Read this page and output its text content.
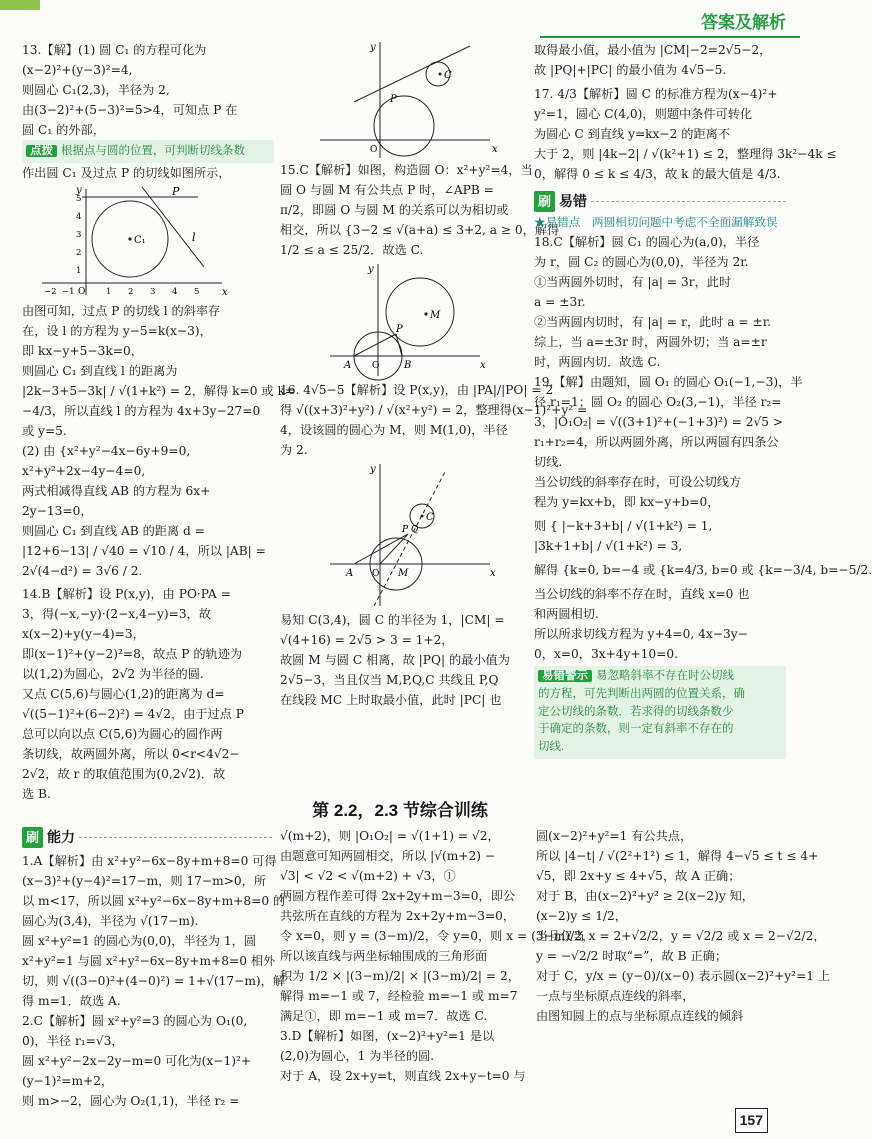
答案及解析

13.【解】(1) 圆 C₁ 的方程可化为

(x−2)²+(y−3)²=4,

则圆心 C₁(2,3)，半径为 2,

由(3−2)²+(5−3)²=5>4，可知点 P 在

圆 C₁ 的外部，

点拨 根据点与圆的位置，可判断切线条数

作出圆 C₁ 及过点 P 的切线如图所示，

C₁
P
l
y
x
O
−2 −1	1 2 3 4 5
5
4
3
2
1

由图可知，过点 P 的切线 l 的斜率存

在，设 l 的方程为 y−5=k(x−3)，

即 kx−y+5−3k=0，

则圆心 C₁ 到直线 l 的距离为

|2k−3+5−3k| / √(1+k²) = 2，解得 k=0 或 k=

−4/3，所以直线 l 的方程为 4x+3y−27=0

或 y=5.

(2) 由 {x²+y²−4x−6y+9=0,

x²+y²+2x−4y−4=0,

两式相减得直线 AB 的方程为 6x+

2y−13=0，

则圆心 C₁ 到直线 AB 的距离 d =

|12+6−13| / √40 = √10 / 4，所以 |AB| =

2√(4−d²) = 3√6 / 2.

14.B【解析】设 P(x,y)，由 PO·PA =

3，得(−x,−y)·(2−x,4−y)=3，故

x(x−2)+y(y−4)=3，

即(x−1)²+(y−2)²=8，故点 P 的轨迹为

以(1,2)为圆心，2√2 为半径的圆.

又点 C(5,6)与圆心(1,2)的距离为 d=

√((5−1)²+(6−2)²) = 4√2，由于过点 P

总可以向以点 C(5,6)为圆心的圆作两

条切线，故两圆外离，所以 0<r<4√2−

2√2，故 r 的取值范围为(0,2√2)．故

选 B.

C
P
y
x
O

15.C【解析】如图，构造圆 O：x²+y²=4，当

圆 O 与圆 M 有公共点 P 时，∠APB =

π/2，即圆 O 与圆 M 的关系可以为相切或

相交，所以 {3−2 ≤ √(a+a) ≤ 3+2, a ≥ 0，解得

1/2 ≤ a ≤ 25/2．故选 C.

M
P
A O B
y
x

16. 4√5−5【解析】设 P(x,y)，由 |PA|/|PO| = 2

得 √((x+3)²+y²) / √(x²+y²) = 2，整理得(x−1)²+y² =

4，设该圆的圆心为 M，则 M(1,0)，半径

为 2.

C
P Q
A O M
y
x

易知 C(3,4)，圆 C 的半径为 1，|CM| =

√(4+16) = 2√5 > 3 = 1+2，

故圆 M 与圆 C 相离，故 |PQ| 的最小值为

2√5−3，当且仅当 M,P,Q,C 共线且 P,Q

在线段 MC 上时取最小值，此时 |PC| 也

取得最小值，最小值为 |CM|−2=2√5−2，

故 |PQ|+|PC| 的最小值为 4√5−5.

17. 4/3【解析】圆 C 的标准方程为(x−4)²+

y²=1，圆心 C(4,0)，则题中条件可转化

为圆心 C 到直线 y=kx−2 的距离不

大于 2，则 |4k−2| / √(k²+1) ≤ 2，整理得 3k²−4k ≤

0，解得 0 ≤ k ≤ 4/3，故 k 的最大值是 4/3.

刷 易错

★易错点　两圆相切问题中考虑不全面漏解致误

18.C【解析】圆 C₁ 的圆心为(a,0)，半径

为 r，圆 C₂ 的圆心为(0,0)，半径为 2r.

①当两圆外切时，有 |a| = 3r，此时

a = ±3r.

②当两圆内切时，有 |a| = r，此时 a = ±r.

综上，当 a=±3r 时，两圆外切；当 a=±r

时，两圆内切．故选 C.

19.【解】由题知，圆 O₁ 的圆心 O₁(−1,−3)，半

径 r₁=1；圆 O₂ 的圆心 O₂(3,−1)，半径 r₂=

3，|O₁O₂| = √((3+1)²+(−1+3)²) = 2√5 >

r₁+r₂=4，所以两圆外离，所以两圆有四条公

切线.

当公切线的斜率存在时，可设公切线方

程为 y=kx+b，即 kx−y+b=0，

则 { |−k+3+b| / √(1+k²) = 1,

|3k+1+b| / √(1+k²) = 3,

解得 {k=0, b=−4 或 {k=4/3, b=0 或 {k=−3/4, b=−5/2.

当公切线的斜率不存在时，直线 x=0 也

和两圆相切.

所以所求切线方程为 y+4=0, 4x−3y−

0，x=0，3x+4y+10=0.

易错警示 易忽略斜率不存在时公切线

的方程，可先判断出两圆的位置关系，确

定公切线的条数．若求得的切线条数少

于确定的条数，则一定有斜率不存在的

切线.

第 2.2，2.3 节综合训练
刷 能力

1.A【解析】由 x²+y²−6x−8y+m+8=0 可得

(x−3)²+(y−4)²=17−m，则 17−m>0，所

以 m<17，所以圆 x²+y²−6x−8y+m+8=0 的

圆心为(3,4)，半径为 √(17−m).

圆 x²+y²=1 的圆心为(0,0)，半径为 1，圆

x²+y²=1 与圆 x²+y²−6x−8y+m+8=0 相外

切，则 √((3−0)²+(4−0)²) = 1+√(17−m)，解

得 m=1．故选 A.

2.C【解析】圆 x²+y²=3 的圆心为 O₁(0,

0)，半径 r₁=√3，

圆 x²+y²−2x−2y−m=0 可化为(x−1)²+

(y−1)²=m+2，

则 m>−2，圆心为 O₂(1,1)，半径 r₂ =

√(m+2)，则 |O₁O₂| = √(1+1) = √2，

由题意可知两圆相交，所以 |√(m+2) −

√3| < √2 < √(m+2) + √3，①

两圆方程作差可得 2x+2y+m−3=0，即公

共弦所在直线的方程为 2x+2y+m−3=0，

令 x=0，则 y = (3−m)/2，令 y=0，则 x = (3−m)/2，

所以该直线与两坐标轴围成的三角形面

积为 1/2 × |(3−m)/2| × |(3−m)/2| = 2，

解得 m=−1 或 7，经检验 m=−1 或 m=7

满足①，即 m=−1 或 m=7．故选 C.

3.D【解析】如图，(x−2)²+y²=1 是以

(2,0)为圆心，1 为半径的圆.

对于 A，设 2x+y=t，则直线 2x+y−t=0 与

圆(x−2)²+y²=1 有公共点，

所以 |4−t| / √(2²+1²) ≤ 1，解得 4−√5 ≤ t ≤ 4+

√5，即 2x+y ≤ 4+√5，故 A 正确；

对于 B，由(x−2)²+y² ≥ 2(x−2)y 知，

(x−2)y ≤ 1/2，

当且仅当 x = 2+√2/2，y = √2/2 或 x = 2−√2/2，

y = −√2/2 时取“=”，故 B 正确；

对于 C，y/x = (y−0)/(x−0) 表示圆(x−2)²+y²=1 上

一点与坐标原点连线的斜率，

由图知圆上的点与坐标原点连线的倾斜

157
